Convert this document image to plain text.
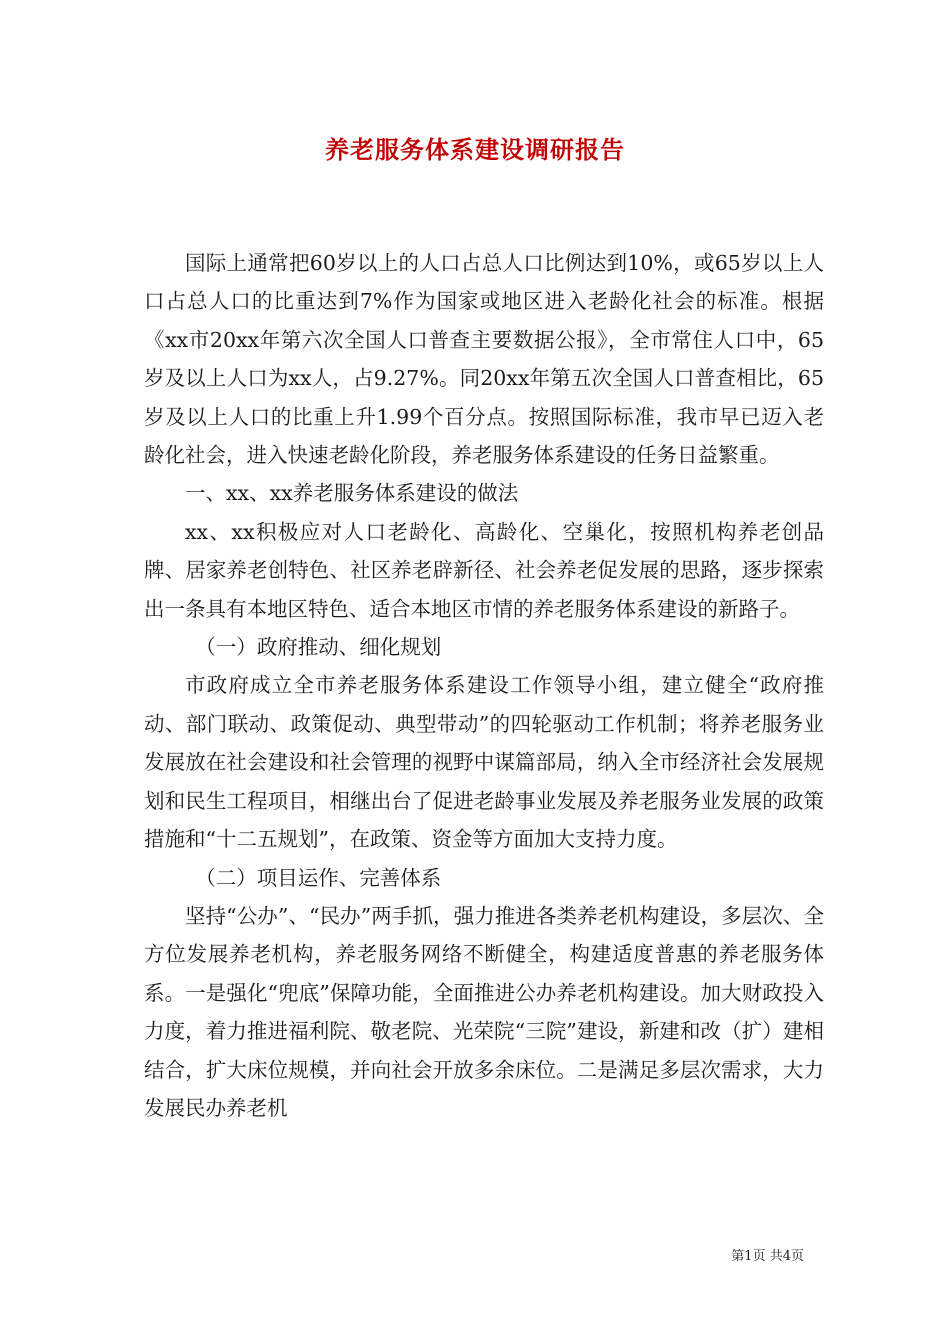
养老服务体系建设调研报告

国际上通常把60岁以上的人口占总人口比例达到10%，或65岁以上人口占总人口的比重达到7%作为国家或地区进入老龄化社会的标准。根据《xx市20xx年第六次全国人口普查主要数据公报》，全市常住人口中，65岁及以上人口为xx人，占9.27%。同20xx年第五次全国人口普查相比，65岁及以上人口的比重上升1.99个百分点。按照国际标准，我市早已迈入老龄化社会，进入快速老龄化阶段，养老服务体系建设的任务日益繁重。

一、xx、xx养老服务体系建设的做法

xx、xx积极应对人口老龄化、高龄化、空巢化，按照机构养老创品牌、居家养老创特色、社区养老辟新径、社会养老促发展的思路，逐步探索出一条具有本地区特色、适合本地区市情的养老服务体系建设的新路子。

（一）政府推动、细化规划

市政府成立全市养老服务体系建设工作领导小组，建立健全“政府推动、部门联动、政策促动、典型带动”的四轮驱动工作机制；将养老服务业发展放在社会建设和社会管理的视野中谋篇部局，纳入全市经济社会发展规划和民生工程项目，相继出台了促进老龄事业发展及养老服务业发展的政策措施和“十二五规划”，在政策、资金等方面加大支持力度。

（二）项目运作、完善体系

坚持“公办”、“民办”两手抓，强力推进各类养老机构建设，多层次、全方位发展养老机构，养老服务网络不断健全，构建适度普惠的养老服务体系。一是强化“兜底”保障功能，全面推进公办养老机构建设。加大财政投入力度，着力推进福利院、敬老院、光荣院“三院”建设，新建和改（扩）建相结合，扩大床位规模，并向社会开放多余床位。二是满足多层次需求，大力发展民办养老机

第1页 共4页
